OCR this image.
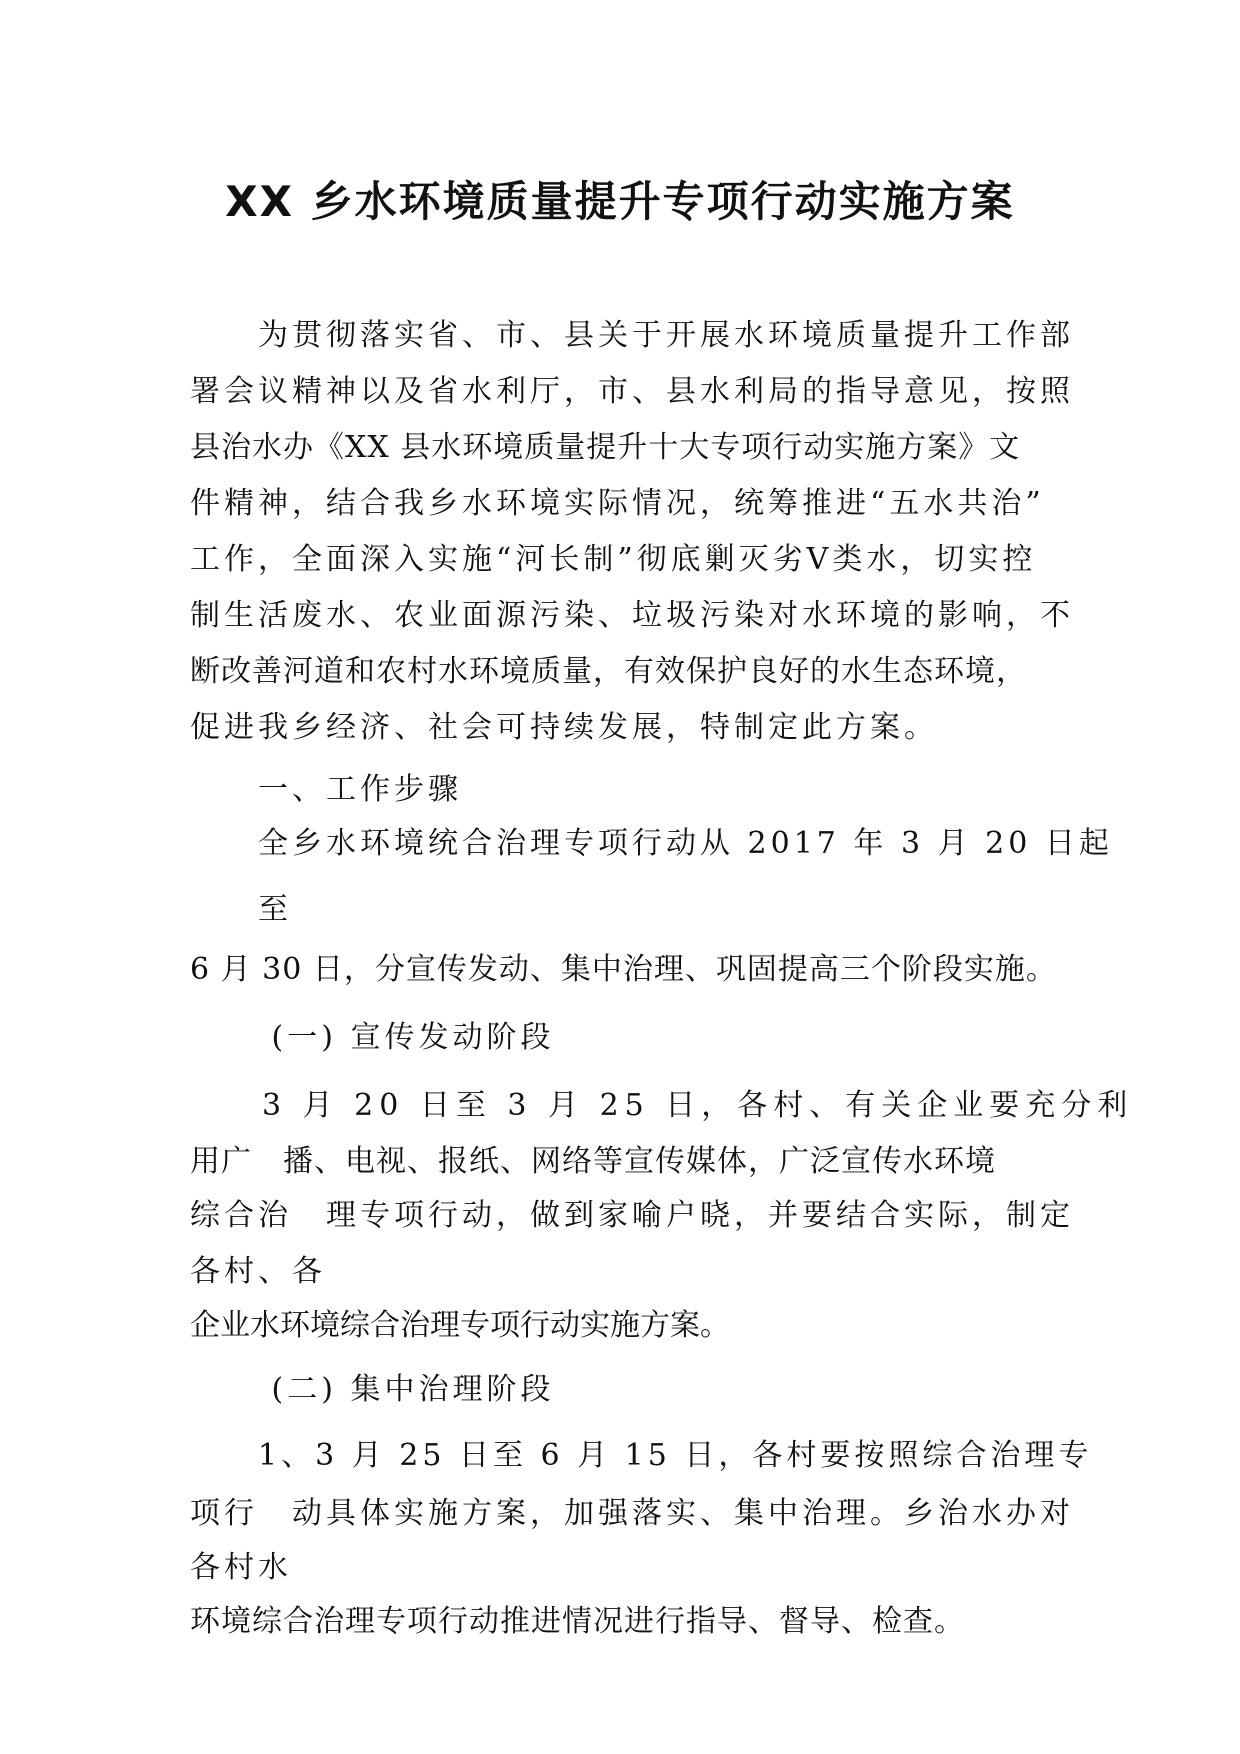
XX 乡水环境质量提升专项行动实施方案

　　为贯彻落实省、市、县关于开展水环境质量提升工作部

署会议精神以及省水利厅，市、县水利局的指导意见，按照

县治水办《XX 县水环境质量提升十大专项行动实施方案》文

件精神，结合我乡水环境实际情况，统筹推进“五水共治”

工作，全面深入实施“河长制”彻底剿灭劣Ⅴ类水，切实控

制生活废水、农业面源污染、垃圾污染对水环境的影响，不

断改善河道和农村水环境质量，有效保护良好的水生态环境，

促进我乡经济、社会可持续发展，特制定此方案。

　　一、工作步骤

　　全乡水环境统合治理专项行动从 2017 年 3 月 20 日起

　　至

6 月 30 日，分宣传发动、集中治理、巩固提高三个阶段实施。

　　 (一) 宣传发动阶段

　　3 月 20 日至 3 月 25 日，各村、有关企业要充分利

用广　播、电视、报纸、网络等宣传媒体，广泛宣传水环境

综合治　理专项行动，做到家喻户晓，并要结合实际，制定

各村、各

企业水环境综合治理专项行动实施方案。

　　 (二) 集中治理阶段

　　1、3 月 25 日至 6 月 15 日，各村要按照综合治理专

项行　动具体实施方案，加强落实、集中治理。乡治水办对

各村水

环境综合治理专项行动推进情况进行指导、督导、检查。
